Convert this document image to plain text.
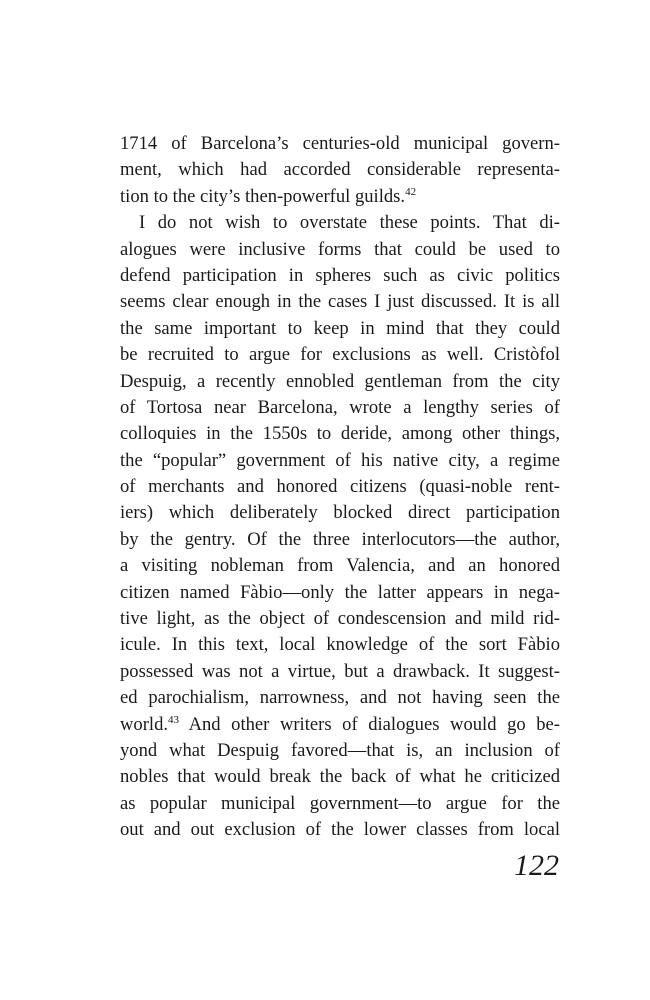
1714 of Barcelona’s centuries-old municipal govern-
ment, which had accorded considerable representa-
tion to the city’s then-powerful guilds.$^{42}$
I do not wish to overstate these points. That di-
alogues were inclusive forms that could be used to
defend participation in spheres such as civic politics
seems clear enough in the cases I just discussed. It is all
the same important to keep in mind that they could
be recruited to argue for exclusions as well. Cristòfol
Despuig, a recently ennobled gentleman from the city
of Tortosa near Barcelona, wrote a lengthy series of
colloquies in the 1550s to deride, among other things,
the “popular” government of his native city, a regime
of merchants and honored citizens (quasi-noble rent-
iers) which deliberately blocked direct participation
by the gentry. Of the three interlocutors—the author,
a visiting nobleman from Valencia, and an honored
citizen named Fàbio—only the latter appears in nega-
tive light, as the object of condescension and mild rid-
icule. In this text, local knowledge of the sort Fàbio
possessed was not a virtue, but a drawback. It suggest-
ed parochialism, narrowness, and not having seen the
world.$^{43}$ And other writers of dialogues would go be-
yond what Despuig favored—that is, an inclusion of
nobles that would break the back of what he criticized
as popular municipal government—to argue for the
out and out exclusion of the lower classes from local
122
